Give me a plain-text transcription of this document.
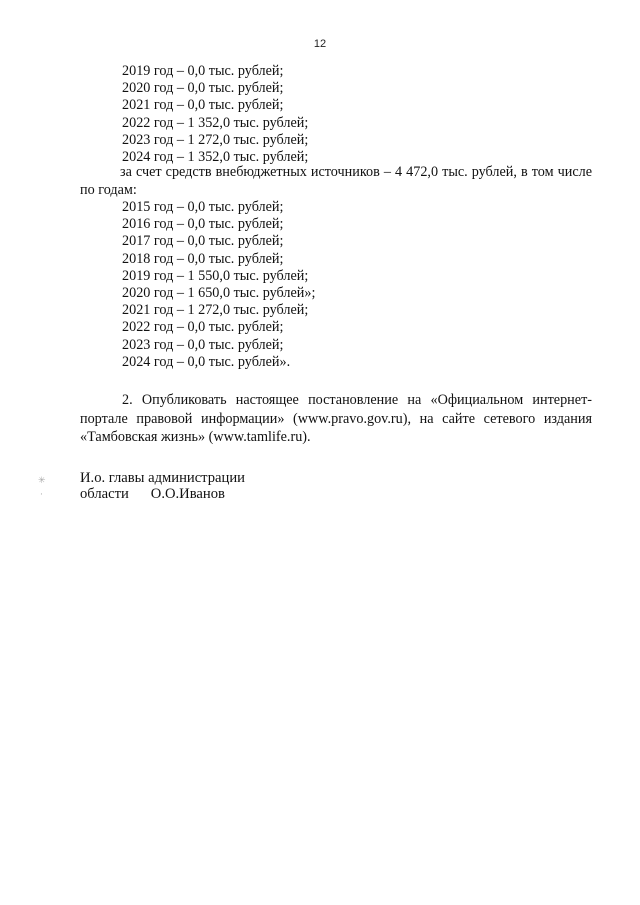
12
2019 год – 0,0 тыс. рублей;
2020 год – 0,0 тыс. рублей;
2021 год – 0,0 тыс. рублей;
2022 год – 1 352,0 тыс. рублей;
2023 год – 1 272,0 тыс. рублей;
2024 год – 1 352,0 тыс. рублей;

за счет средств внебюджетных источников – 4 472,0 тыс. рублей, в том числе по годам:

2015 год – 0,0 тыс. рублей;
2016 год – 0,0 тыс. рублей;
2017 год – 0,0 тыс. рублей;
2018 год – 0,0 тыс. рублей;
2019 год – 1 550,0 тыс. рублей;
2020 год – 1 650,0 тыс. рублей»;
2021 год – 1 272,0 тыс. рублей;
2022 год – 0,0 тыс. рублей;
2023 год – 0,0 тыс. рублей;
2024 год – 0,0 тыс. рублей».

2. Опубликовать настоящее постановление на «Официальном интернет-портале правовой информации» (www.pravo.gov.ru), на сайте сетевого издания «Тамбовская жизнь» (www.tamlife.ru).

✳
·
И.о. главы администрации
области О.О.Иванов
